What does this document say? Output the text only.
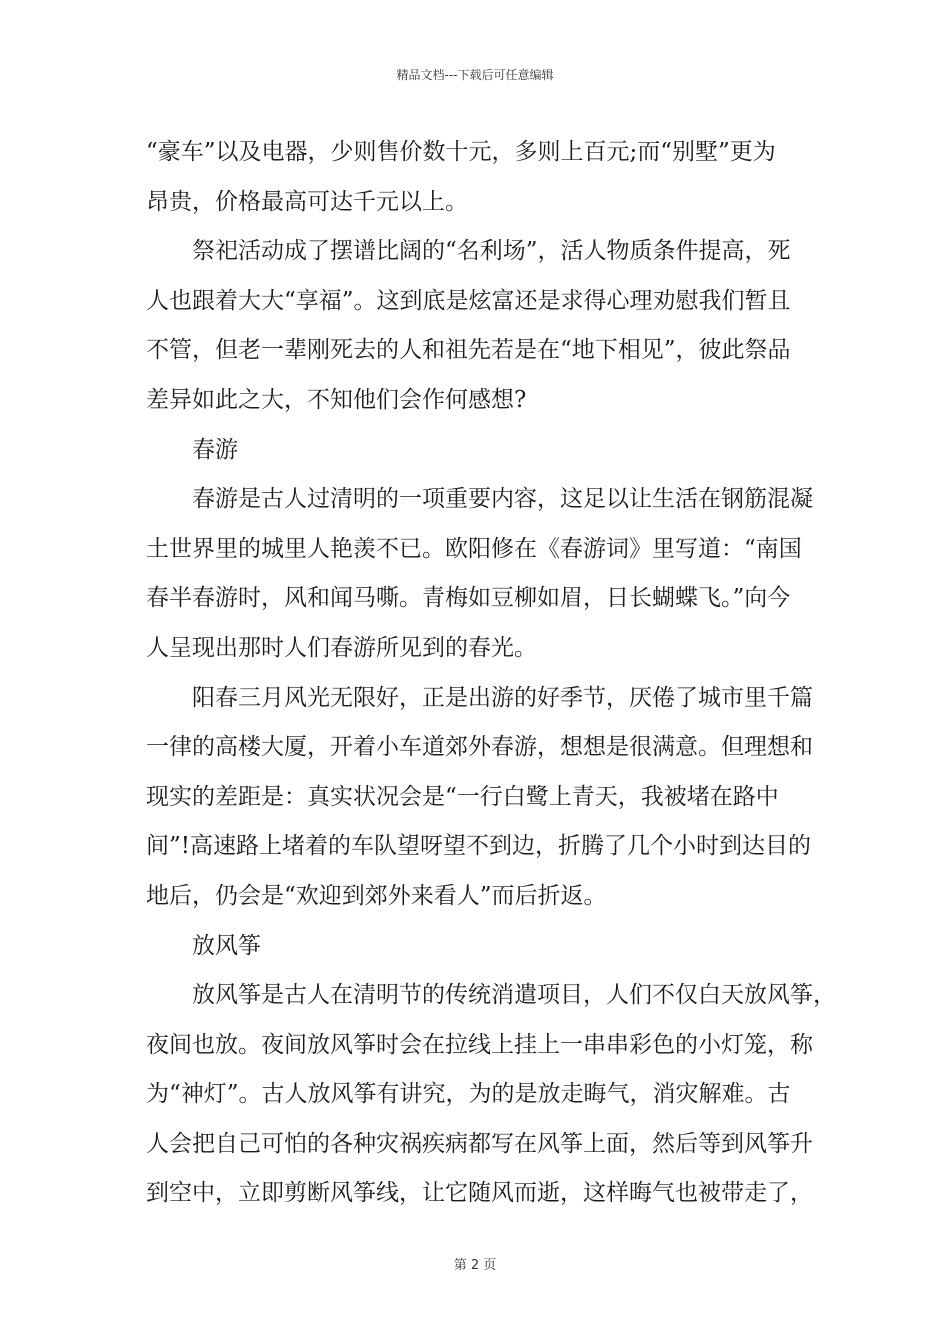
精品文档---下载后可任意编辑
“豪车”以及电器，少则售价数十元，多则上百元;而“别墅”更为
昂贵，价格最高可达千元以上。
祭祀活动成了摆谱比阔的“名利场”，活人物质条件提高，死
人也跟着大大“享福”。这到底是炫富还是求得心理劝慰我们暂且
不管，但老一辈刚死去的人和祖先若是在“地下相见”，彼此祭品
差异如此之大，不知他们会作何感想?
春游
春游是古人过清明的一项重要内容，这足以让生活在钢筋混凝
土世界里的城里人艳羡不已。欧阳修在《春游词》里写道：“南国
春半春游时，风和闻马嘶。青梅如豆柳如眉，日长蝴蝶飞。”向今
人呈现出那时人们春游所见到的春光。
阳春三月风光无限好，正是出游的好季节，厌倦了城市里千篇
一律的高楼大厦，开着小车道郊外春游，想想是很满意。但理想和
现实的差距是：真实状况会是“一行白鹭上青天，我被堵在路中
间”!高速路上堵着的车队望呀望不到边，折腾了几个小时到达目的
地后，仍会是“欢迎到郊外来看人”而后折返。
放风筝
放风筝是古人在清明节的传统消遣项目，人们不仅白天放风筝，
夜间也放。夜间放风筝时会在拉线上挂上一串串彩色的小灯笼，称
为“神灯”。古人放风筝有讲究，为的是放走晦气，消灾解难。古
人会把自己可怕的各种灾祸疾病都写在风筝上面，然后等到风筝升
到空中，立即剪断风筝线，让它随风而逝，这样晦气也被带走了，
第 2 页
